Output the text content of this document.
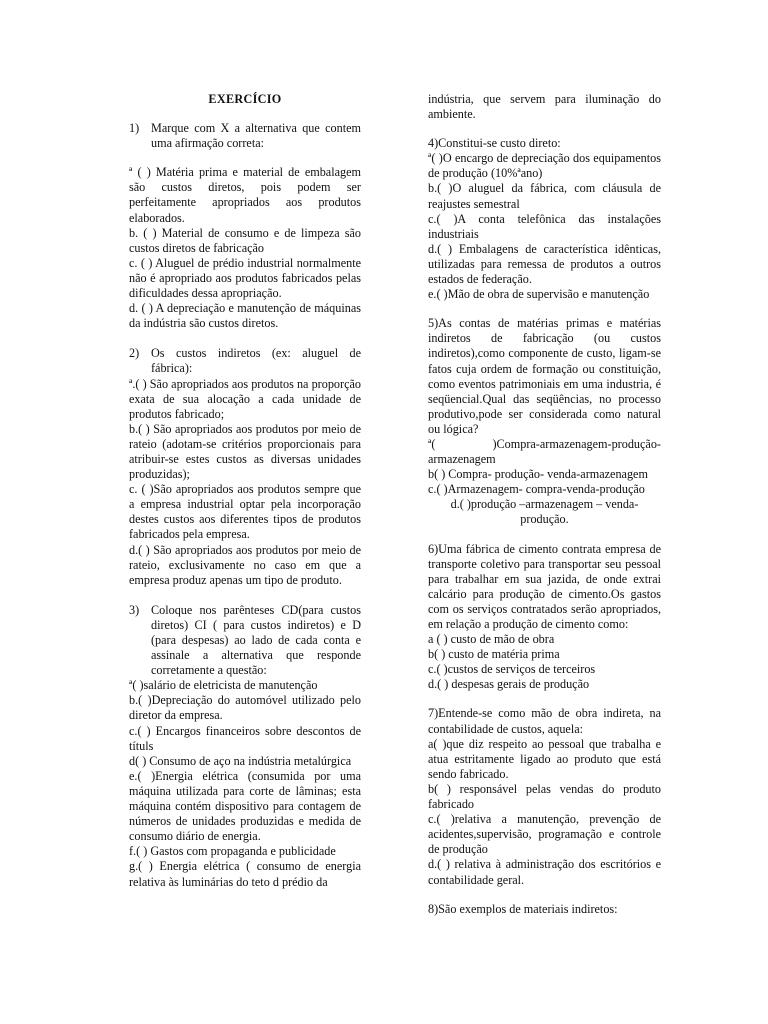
EXERCÍCIO
1) Marque com X a alternativa que contem uma afirmação correta:

ª ( ) Matéria prima e material de embalagem são custos diretos, pois podem ser perfeitamente apropriados aos produtos elaborados.

b. ( ) Material de consumo e de limpeza são custos diretos de fabricação

c. ( ) Aluguel de prédio industrial normalmente não é apropriado aos produtos fabricados pelas dificuldades dessa apropriação.

d. ( ) A depreciação e manutenção de máquinas da indústria são custos diretos.

2) Os custos indiretos (ex: aluguel de fábrica):

ª.( ) São apropriados aos produtos na proporção exata de sua alocação a cada unidade de produtos fabricado;

b.( ) São apropriados aos produtos por meio de rateio (adotam-se critérios proporcionais para atribuir-se estes custos as diversas unidades produzidas);

c. ( )São apropriados aos produtos sempre que a empresa industrial optar pela incorporação destes custos aos diferentes tipos de produtos fabricados pela empresa.

d.( ) São apropriados aos produtos por meio de rateio, exclusivamente no caso em que a empresa produz apenas um tipo de produto.

3) Coloque nos parênteses CD(para custos diretos) CI ( para custos indiretos) e D (para despesas) ao lado de cada conta e assinale a alternativa que responde corretamente a questão:

ª( )salário de eletricista de manutenção

b.( )Depreciação do automóvel utilizado pelo diretor da empresa.

c.( ) Encargos financeiros sobre descontos de títuls

d( ) Consumo de aço na indústria metalúrgica

e.( )Energia elétrica (consumida por uma máquina utilizada para corte de lâminas; esta máquina contém dispositivo para contagem de números de unidades produzidas e medida de consumo diário de energia.

f.( ) Gastos com propaganda e publicidade

g.( ) Energia elétrica ( consumo de energia relativa às luminárias do teto d prédio da

indústria, que servem para iluminação do ambiente.

4)Constitui-se custo direto:

ª( )O encargo de depreciação dos equipamentos de produção (10%ªano)

b.( )O aluguel da fábrica, com cláusula de reajustes semestral

c.( )A conta telefônica das instalações industriais

d.( ) Embalagens de característica idênticas, utilizadas para remessa de produtos a outros estados de federação.

e.( )Mão de obra de supervisão e manutenção

5)As contas de matérias primas e matérias indiretos de fabricação (ou custos indiretos),como componente de custo, ligam-se fatos cuja ordem de formação ou constituição, como eventos patrimoniais em uma industria, é seqüencial.Qual das seqüências, no processo produtivo,pode ser considerada como natural ou lógica?

ª( )Compra-armazenagem-produção-armazenagem

b( ) Compra- produção- venda-armazenagem

c.( )Armazenagem- compra-venda-produção

d.( )produção –armazenagem – venda-produção.

6)Uma fábrica de cimento contrata empresa de transporte coletivo para transportar seu pessoal para trabalhar em sua jazida, de onde extrai calcário para produção de cimento.Os gastos com os serviços contratados serão apropriados, em relação a produção de cimento como:

a ( ) custo de mão de obra

b( ) custo de matéria prima

c.( )custos de serviços de terceiros

d.( ) despesas gerais de produção

7)Entende-se como mão de obra indireta, na contabilidade de custos, aquela:

a( )que diz respeito ao pessoal que trabalha e atua estritamente ligado ao produto que está sendo fabricado.

b( ) responsável pelas vendas do produto fabricado

c.( )relativa a manutenção, prevenção de acidentes,supervisão, programação e controle de produção

d.( ) relativa à administração dos escritórios e contabilidade geral.

8)São exemplos de materiais indiretos:
